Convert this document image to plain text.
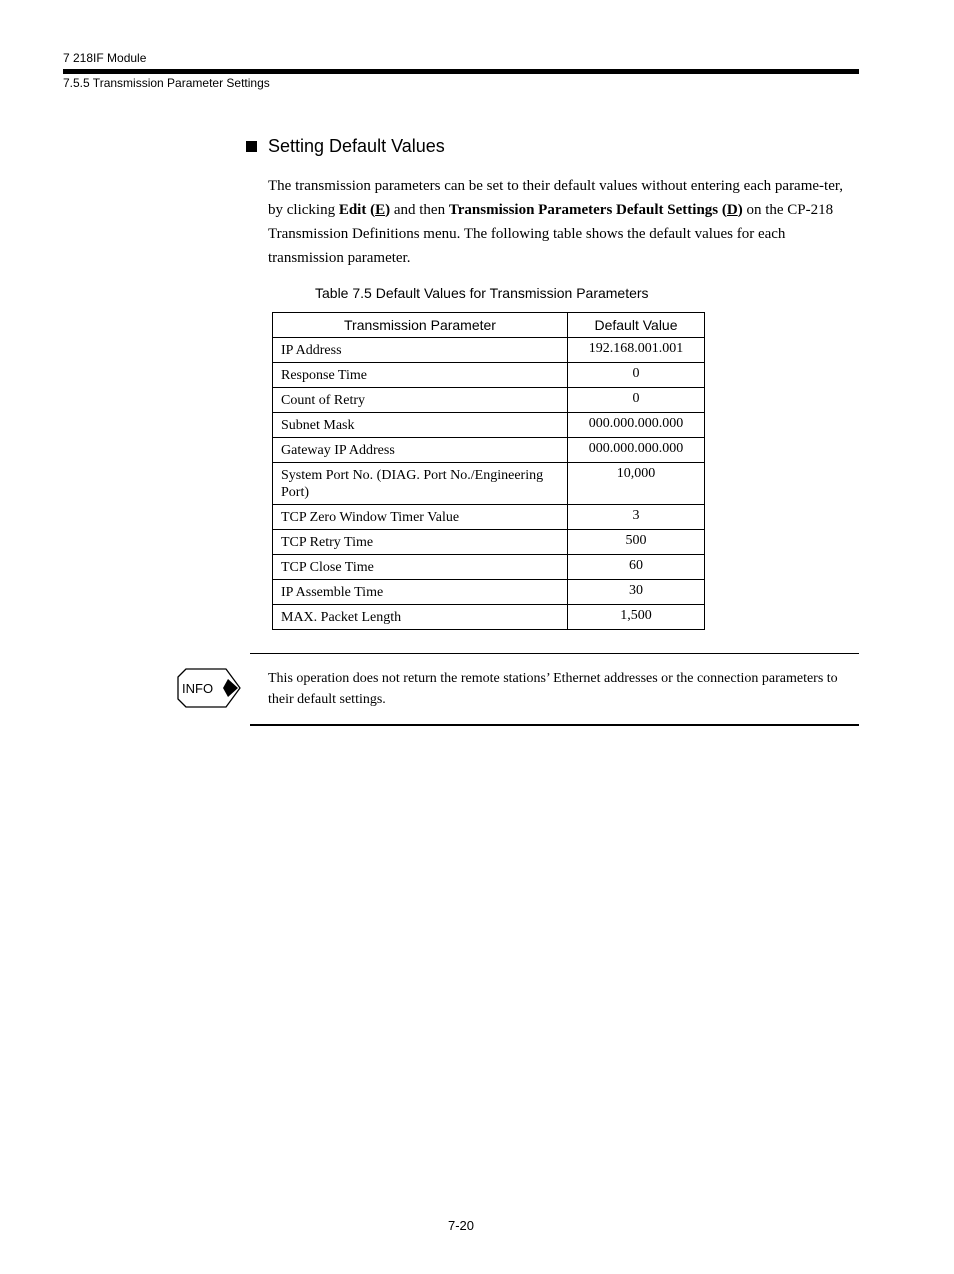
7 218IF Module
7.5.5 Transmission Parameter Settings
Setting Default Values

The transmission parameters can be set to their default values without entering each parame-ter, by clicking Edit (E) and then Transmission Parameters Default Settings (D) on the CP-218 Transmission Definitions menu. The following table shows the default values for each transmission parameter.

Table 7.5 Default Values for Transmission Parameters
Transmission Parameter	Default Value
IP Address	192.168.001.001
Response Time	0
Count of Retry	0
Subnet Mask	000.000.000.000
Gateway IP Address	000.000.000.000
System Port No. (DIAG. Port No./Engineering Port)	10,000
TCP Zero Window Timer Value	3
TCP Retry Time	500
TCP Close Time	60
IP Assemble Time	30
MAX. Packet Length	1,500
INFO

This operation does not return the remote stations’ Ethernet addresses or the connection parameters to their default settings.

7-20
